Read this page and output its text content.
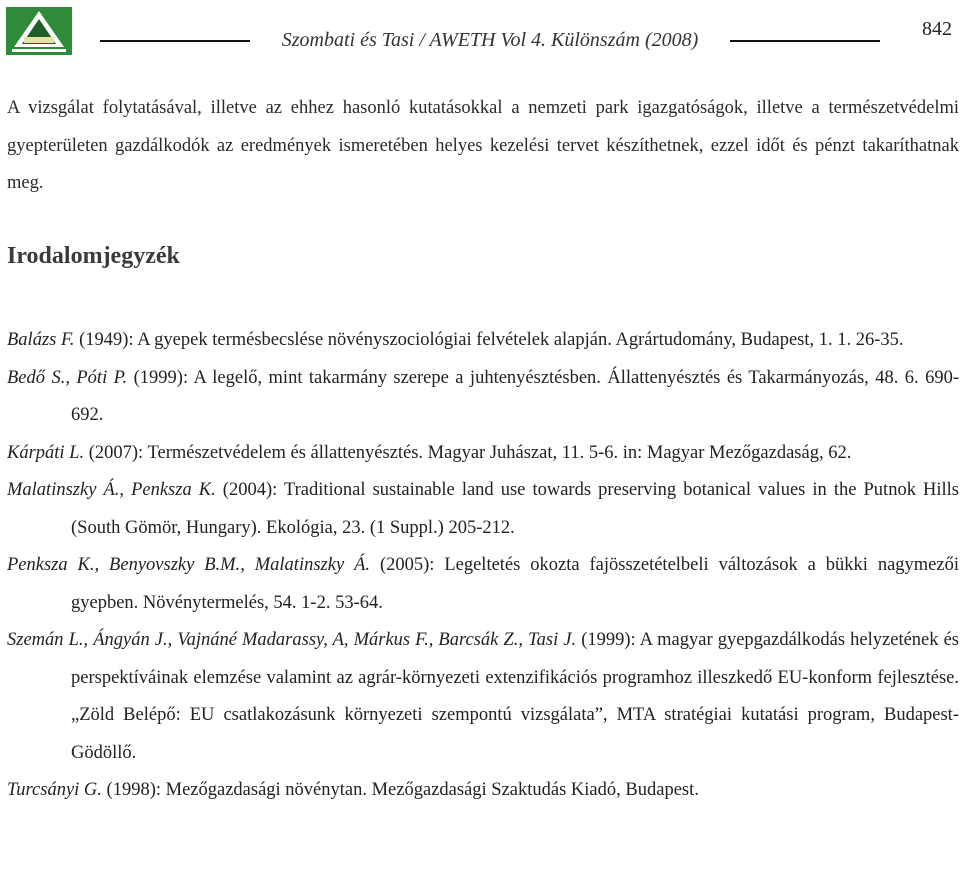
Szombati és Tasi / AWETH Vol 4. Különszám (2008)	842

A vizsgálat folytatásával, illetve az ehhez hasonló kutatásokkal a nemzeti park igazgatóságok, illetve a természetvédelmi gyepterületen gazdálkodók az eredmények ismeretében helyes kezelési tervet készíthetnek, ezzel időt és pénzt takaríthatnak meg.

Irodalomjegyzék

Balázs F. (1949): A gyepek termésbecslése növényszociológiai felvételek alapján. Agrártudomány, Budapest, 1. 1. 26-35.

Bedő S., Póti P. (1999): A legelő, mint takarmány szerepe a juhtenyésztésben. Állattenyésztés és Takarmányozás, 48. 6. 690-692.

Kárpáti L. (2007): Természetvédelem és állattenyésztés. Magyar Juhászat, 11. 5-6. in: Magyar Mezőgazdaság, 62.

Malatinszky Á., Penksza K. (2004): Traditional sustainable land use towards preserving botanical values in the Putnok Hills (South Gömör, Hungary). Ekológia, 23. (1 Suppl.) 205-212.

Penksza K., Benyovszky B.M., Malatinszky Á. (2005): Legeltetés okozta fajösszetételbeli változások a bükki nagymezői gyepben. Növénytermelés, 54. 1-2. 53-64.

Szemán L., Ángyán J., Vajnáné Madarassy, A, Márkus F., Barcsák Z., Tasi J. (1999): A magyar gyepgazdálkodás helyzetének és perspektíváinak elemzése valamint az agrár-környezeti extenzifikációs programhoz illeszkedő EU-konform fejlesztése. „Zöld Belépő: EU csatlakozásunk környezeti szempontú vizsgálata”, MTA stratégiai kutatási program, Budapest-Gödöllő.

Turcsányi G. (1998): Mezőgazdasági növénytan. Mezőgazdasági Szaktudás Kiadó, Budapest.
